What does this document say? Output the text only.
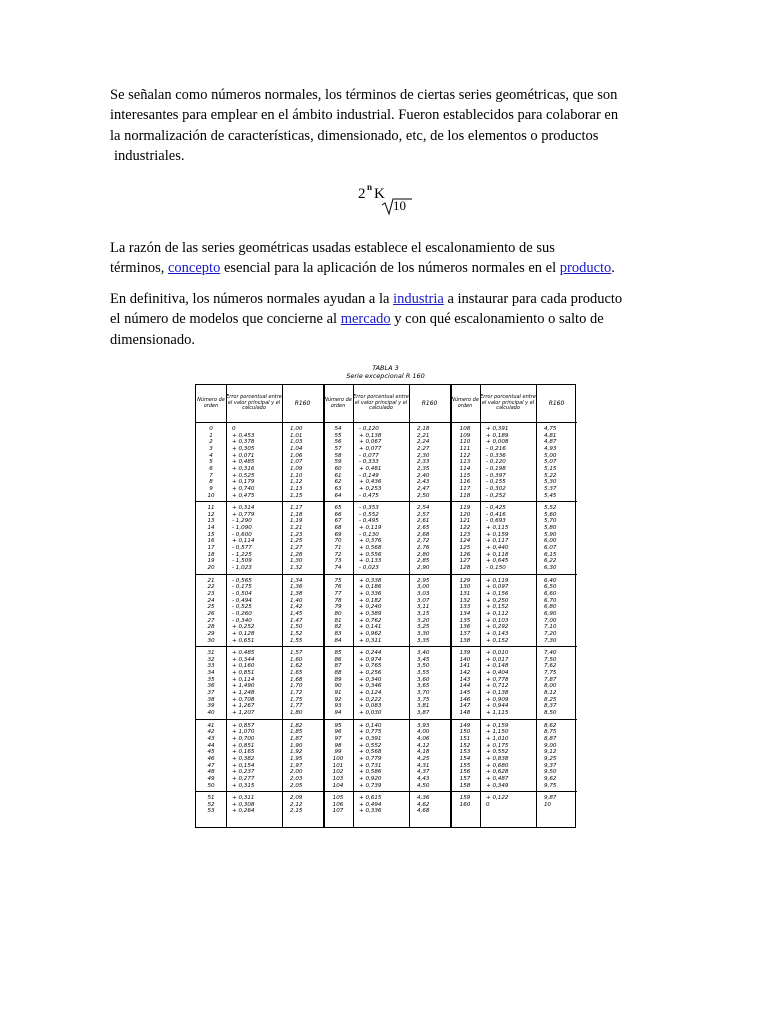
Se señalan como números normales, los términos de ciertas series geométricas, que son
interesantes para emplear en el ámbito industrial. Fueron establecidos para colaborar en
la normalización de características, dimensionado, etc, de los elementos o productos
industriales.
2 n K
10
La razón de las series geométricas usadas establece el escalonamiento de sus
términos, concepto esencial para la aplicación de los números normales en el producto.
En definitiva, los números normales ayudan a la industria a instaurar para cada producto
el número de modelos que concierne al mercado y con qué escalonamiento o salto de
dimensionado.
TABLA 3
Serie excepcional R 160
Número de orden
Error porcentual entre el valor principal y el calculado
R160
0	0	1,00
1	+ 0,453	1,01
2	+ 0,378	1,03
3	+ 0,305	1,04
4	+ 0,071	1,06
5	+ 0,485	1,07
6	+ 0,316	1,09
7	+ 0,525	1,10
8	+ 0,179	1,12
9	+ 0,740	1,13
10	+ 0,475	1,15
11	+ 0,314	1,17
12	+ 0,779	1,18
13	- 1,290	1,19
14	- 1,090	1,21
15	- 0,600	1,23
16	+ 0,114	1,25
17	- 0,577	1,27
18	- 1,225	1,28
19	- 1,509	1,30
20	- 1,023	1,32
21	- 0,565	1,34
22	- 0,175	1,36
23	- 0,504	1,38
24	- 0,494	1,40
25	- 0,525	1,42
26	- 0,260	1,45
27	- 0,340	1,47
28	+ 0,252	1,50
29	+ 0,128	1,52
30	+ 0,651	1,55
31	+ 0,485	1,57
32	+ 0,344	1,60
33	+ 0,160	1,62
34	+ 0,851	1,65
35	+ 0,114	1,68
36	+ 1,490	1,70
37	+ 1,248	1,72
38	+ 0,708	1,75
39	+ 1,267	1,77
40	+ 1,207	1,80
41	+ 0,857	1,82
42	+ 1,070	1,85
43	+ 0,700	1,87
44	+ 0,851	1,90
45	+ 0,165	1,92
46	+ 0,382	1,95
47	+ 0,154	1,97
48	+ 0,237	2,00
49	+ 0,277	2,03
50	+ 0,315	2,05
51	+ 0,311	2,09
52	+ 0,308	2,12
53	+ 0,264	2,15
Número de orden
Error porcentual entre el valor principal y el calculado
R160
54	- 0,120	2,18
55	+ 0,138	2,21
56	+ 0,067	2,24
57	+ 0,077	2,27
58	- 0,077	2,30
59	- 0,333	2,33
60	+ 0,481	2,35
61	- 0,149	2,40
62	+ 0,436	2,43
63	+ 0,253	2,47
64	- 0,475	2,50
65	- 0,353	2,54
66	- 0,552	2,57
67	- 0,495	2,61
68	+ 0,119	2,65
69	- 0,130	2,68
70	+ 0,376	2,72
71	+ 0,568	2,76
72	+ 0,556	2,80
73	+ 0,133	2,85
74	- 0,023	2,90
75	+ 0,338	2,95
76	+ 0,186	3,00
77	+ 0,336	3,03
78	+ 0,182	3,07
79	+ 0,240	3,11
80	+ 0,389	3,15
81	+ 0,762	3,20
82	+ 0,141	3,25
83	+ 0,962	3,30
84	+ 0,311	3,35
85	+ 0,244	3,40
86	+ 0,974	3,45
87	+ 0,765	3,50
88	+ 0,256	3,55
89	+ 0,340	3,60
90	+ 0,346	3,65
91	+ 0,124	3,70
92	+ 0,222	3,75
93	+ 0,083	3,81
94	+ 0,030	3,87
95	+ 0,140	3,93
96	+ 0,775	4,00
97	+ 0,391	4,06
98	+ 0,552	4,12
99	+ 0,568	4,18
100	+ 0,779	4,25
101	+ 0,731	4,31
102	+ 0,586	4,37
103	+ 0,920	4,43
104	+ 0,739	4,50
105	+ 0,615	4,36
106	+ 0,494	4,62
107	+ 0,336	4,68
Número de orden
Error porcentual entre el valor principal y el calculado
R160
108	+ 0,391	4,75
109	+ 0,189	4,81
110	+ 0,008	4,87
111	- 0,216	4,93
112	- 0,336	5,00
113	- 0,120	5,07
114	- 0,198	5,15
115	- 0,397	5,22
116	- 0,155	5,30
117	- 0,302	5,37
118	- 0,252	5,45
119	- 0,425	5,52
120	- 0,416	5,60
121	- 0,693	5,70
122	+ 0,115	5,80
123	+ 0,159	5,90
124	+ 0,117	6,00
125	+ 0,440	6,07
126	+ 0,118	6,15
127	+ 0,645	6,22
128	- 0,150	6,30
129	+ 0,119	6,40
130	+ 0,097	6,50
131	+ 0,156	6,60
132	+ 0,250	6,70
133	+ 0,152	6,80
134	+ 0,112	6,90
135	+ 0,103	7,00
136	+ 0,292	7,10
137	+ 0,143	7,20
138	+ 0,152	7,30
139	+ 0,010	7,40
140	+ 0,017	7,50
141	+ 0,148	7,62
142	+ 0,404	7,75
143	+ 0,778	7,87
144	+ 0,712	8,00
145	+ 0,138	8,12
146	+ 0,909	8,25
147	+ 0,944	8,37
148	+ 1,115	8,50
149	+ 0,159	8,62
150	+ 1,150	8,75
151	+ 1,010	8,87
152	+ 0,175	9,00
153	+ 0,552	9,12
154	+ 0,838	9,25
155	+ 0,680	9,37
156	+ 0,628	9,50
157	+ 0,487	9,62
158	+ 0,349	9,75
159	+ 0,122	9,87
160	0	10
